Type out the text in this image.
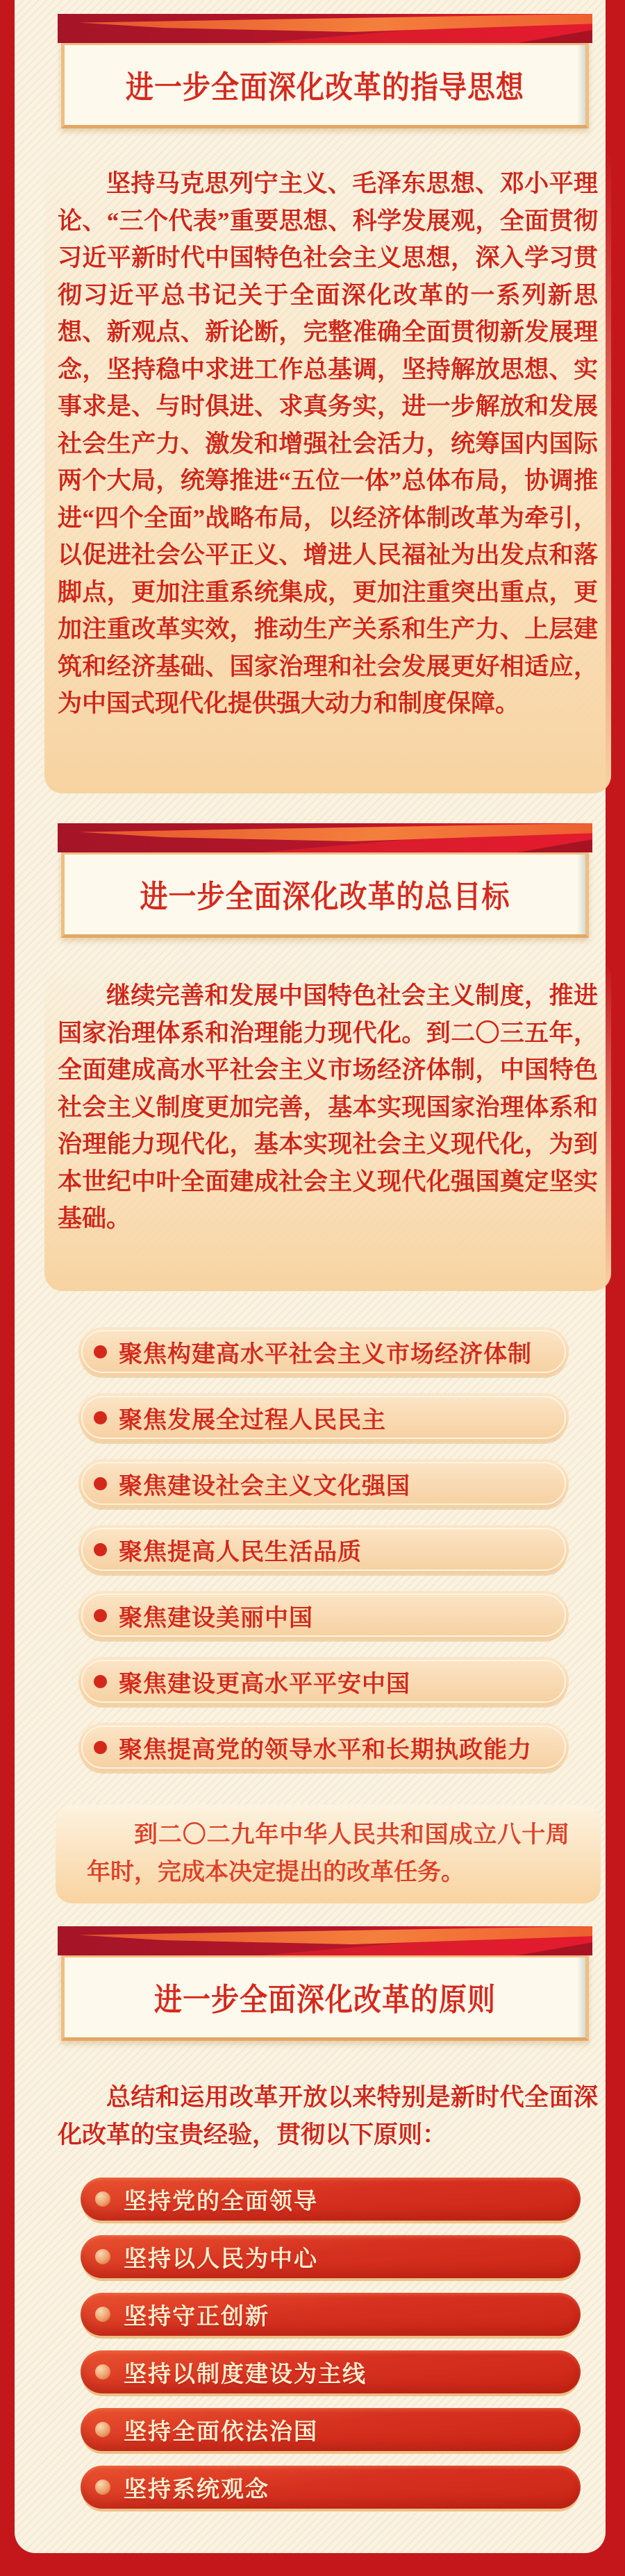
进一步全面深化改革的指导思想

坚持马克思列宁主义、毛泽东思想、邓小平理论、“三个代表”重要思想、科学发展观，全面贯彻习近平新时代中国特色社会主义思想，深入学习贯彻习近平总书记关于全面深化改革的一系列新思想、新观点、新论断，完整准确全面贯彻新发展理念，坚持稳中求进工作总基调，坚持解放思想、实事求是、与时俱进、求真务实，进一步解放和发展社会生产力、激发和增强社会活力，统筹国内国际两个大局，统筹推进“五位一体”总体布局，协调推进“四个全面”战略布局，以经济体制改革为牵引，以促进社会公平正义、增进人民福祉为出发点和落脚点，更加注重系统集成，更加注重突出重点，更加注重改革实效，推动生产关系和生产力、上层建筑和经济基础、国家治理和社会发展更好相适应，为中国式现代化提供强大动力和制度保障。

进一步全面深化改革的总目标

继续完善和发展中国特色社会主义制度，推进国家治理体系和治理能力现代化。到二〇三五年，全面建成高水平社会主义市场经济体制，中国特色社会主义制度更加完善，基本实现国家治理体系和治理能力现代化，基本实现社会主义现代化，为到本世纪中叶全面建成社会主义现代化强国奠定坚实基础。

聚焦构建高水平社会主义市场经济体制
聚焦发展全过程人民民主
聚焦建设社会主义文化强国
聚焦提高人民生活品质
聚焦建设美丽中国
聚焦建设更高水平平安中国
聚焦提高党的领导水平和长期执政能力

到二〇二九年中华人民共和国成立八十周年时，完成本决定提出的改革任务。

进一步全面深化改革的原则

总结和运用改革开放以来特别是新时代全面深化改革的宝贵经验，贯彻以下原则：

坚持党的全面领导
坚持以人民为中心
坚持守正创新
坚持以制度建设为主线
坚持全面依法治国
坚持系统观念
